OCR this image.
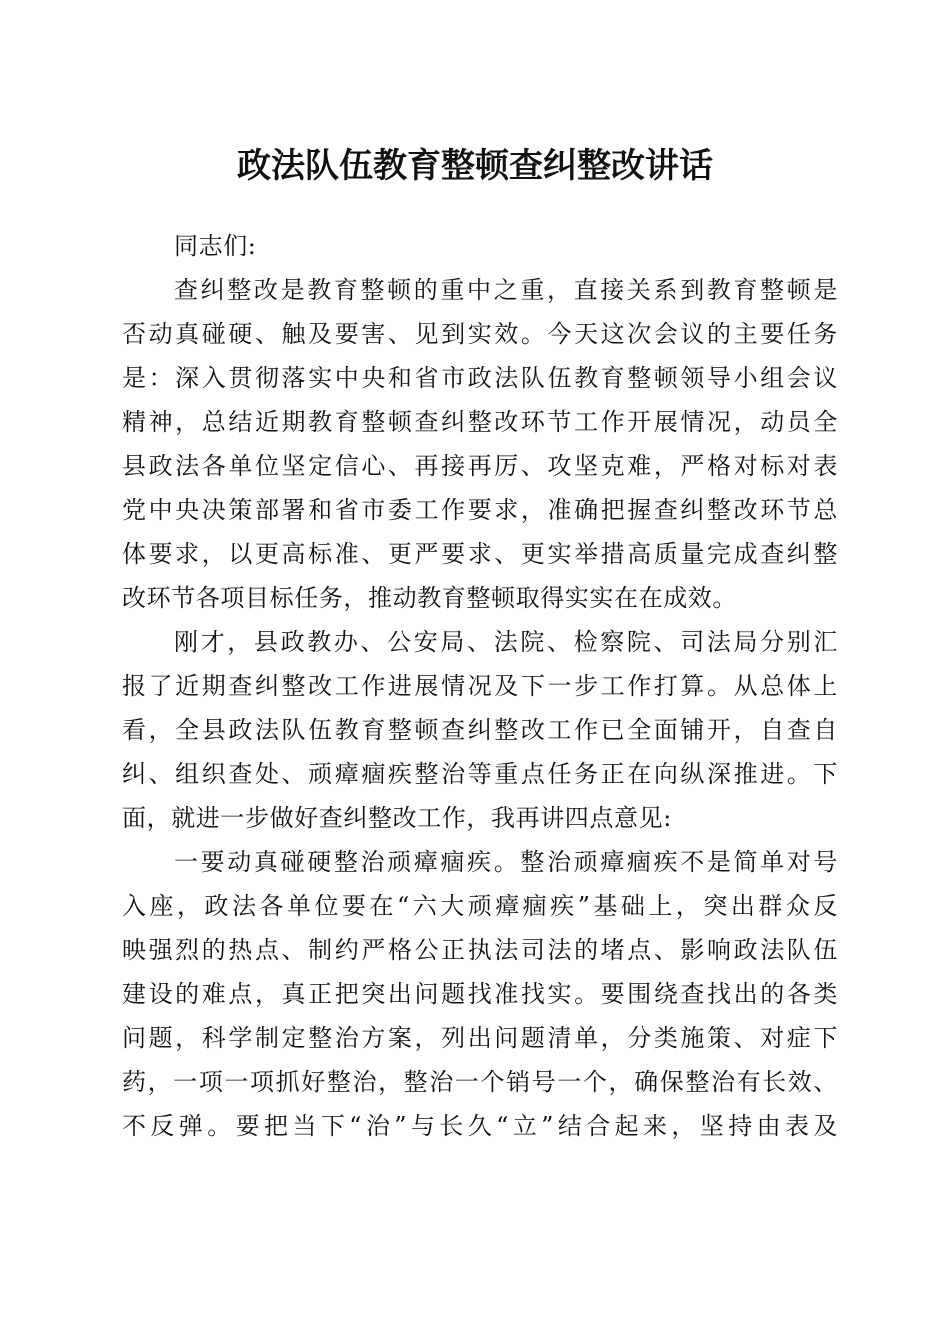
政法队伍教育整顿查纠整改讲话
同志们:
查纠整改是教育整顿的重中之重，直接关系到教育整顿是
否动真碰硬、触及要害、见到实效。今天这次会议的主要任务
是：深入贯彻落实中央和省市政法队伍教育整顿领导小组会议
精神，总结近期教育整顿查纠整改环节工作开展情况，动员全
县政法各单位坚定信心、再接再厉、攻坚克难，严格对标对表
党中央决策部署和省市委工作要求，准确把握查纠整改环节总
体要求，以更高标准、更严要求、更实举措高质量完成查纠整
改环节各项目标任务，推动教育整顿取得实实在在成效。
刚才，县政教办、公安局、法院、检察院、司法局分别汇
报了近期查纠整改工作进展情况及下一步工作打算。从总体上
看，全县政法队伍教育整顿查纠整改工作已全面铺开，自查自
纠、组织查处、顽瘴痼疾整治等重点任务正在向纵深推进。下
面，就进一步做好查纠整改工作，我再讲四点意见:
一要动真碰硬整治顽瘴痼疾。整治顽瘴痼疾不是简单对号
入座，政法各单位要在“六大顽瘴痼疾”基础上，突出群众反
映强烈的热点、制约严格公正执法司法的堵点、影响政法队伍
建设的难点，真正把突出问题找准找实。要围绕查找出的各类
问题，科学制定整治方案，列出问题清单，分类施策、对症下
药，一项一项抓好整治，整治一个销号一个，确保整治有长效、
不反弹。要把当下“治”与长久“立”结合起来，坚持由表及
